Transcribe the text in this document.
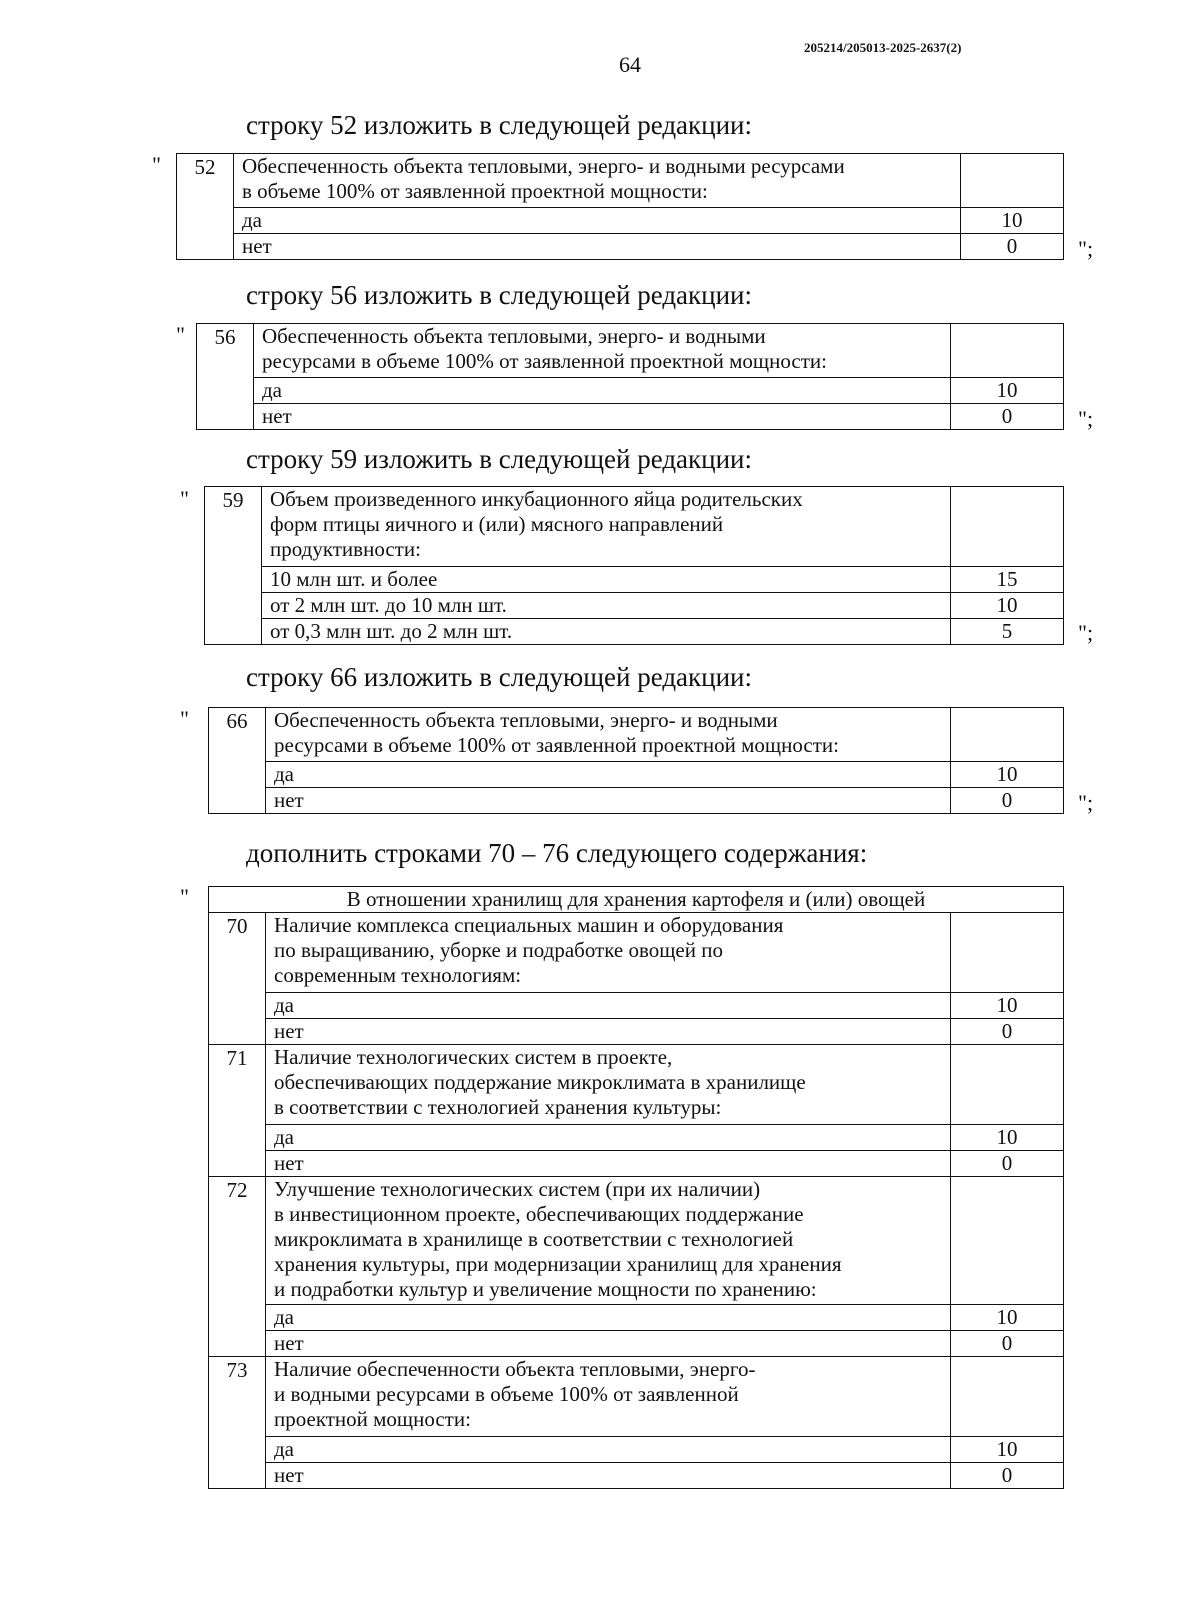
64
205214/205013-2025-2637(2)
строку 52 изложить в следующей редакции:
" 52	Обеспеченность объекта тепловыми, энерго- и водными ресурсами
в объеме 100% от заявленной проектной мощности:	
	да	10
	нет	0	";
строку 56 изложить в следующей редакции:
" 56	Обеспеченность объекта тепловыми, энерго- и водными
ресурсами в объеме 100% от заявленной проектной мощности:	
	да	10
	нет	0	";
строку 59 изложить в следующей редакции:
" 59	Объем произведенного инкубационного яйца родительских
форм птицы яичного и (или) мясного направлений
продуктивности:	
	10 млн шт. и более	15
	от 2 млн шт. до 10 млн шт.	10
	от 0,3 млн шт. до 2 млн шт.	5	";
строку 66 изложить в следующей редакции:
" 66	Обеспеченность объекта тепловыми, энерго- и водными
ресурсами в объеме 100% от заявленной проектной мощности:	
	да	10
	нет	0	";
дополнить строками 70 – 76 следующего содержания:
"	В отношении хранилищ для хранения картофеля и (или) овощей		
70	Наличие комплекса специальных машин и оборудования
по выращиванию, уборке и подработке овощей по
современным технологиям:	
	да	10
	нет	0
71	Наличие технологических систем в проекте,
обеспечивающих поддержание микроклимата в хранилище
в соответствии с технологией хранения культуры:	
	да	10
	нет	0
72	Улучшение технологических систем (при их наличии)
в инвестиционном проекте, обеспечивающих поддержание
микроклимата в хранилище в соответствии с технологией
хранения культуры, при модернизации хранилищ для хранения
и подработки культур и увеличение мощности по хранению:	
	да	10
	нет	0
73	Наличие обеспеченности объекта тепловыми, энерго-
и водными ресурсами в объеме 100% от заявленной
проектной мощности:	
	да	10
	нет	0
